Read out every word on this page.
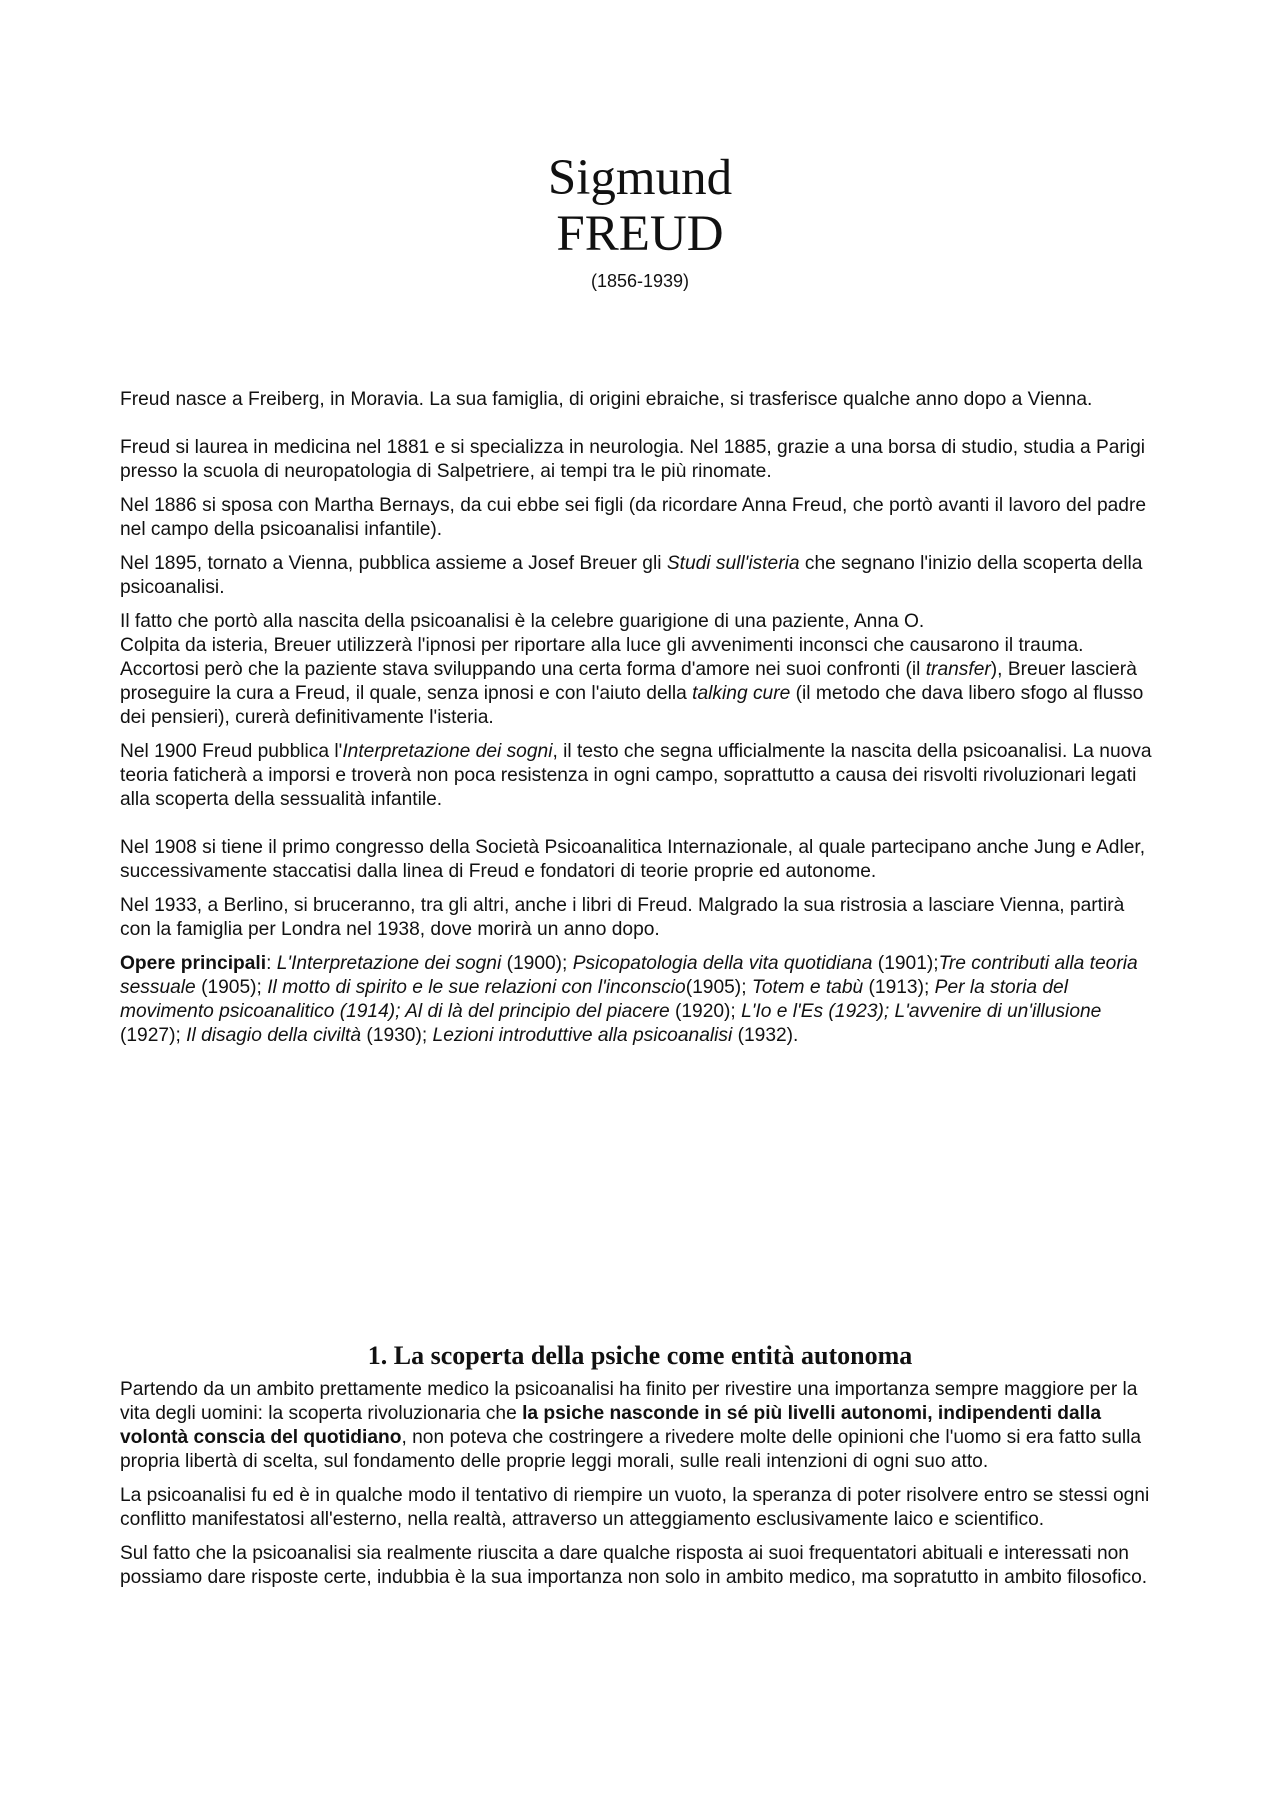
Sigmund
FREUD
(1856-1939)

Freud nasce a Freiberg, in Moravia. La sua famiglia, di origini ebraiche, si trasferisce qualche anno dopo a Vienna.

Freud si laurea in medicina nel 1881 e si specializza in neurologia. Nel 1885, grazie a una borsa di studio, studia a Parigi presso la scuola di neuropatologia di Salpetriere, ai tempi tra le più rinomate.

Nel 1886 si sposa con Martha Bernays, da cui ebbe sei figli (da ricordare Anna Freud, che portò avanti il lavoro del padre nel campo della psicoanalisi infantile).

Nel 1895, tornato a Vienna, pubblica assieme a Josef Breuer gli Studi sull'isteria che segnano l'inizio della scoperta della psicoanalisi.

Il fatto che portò alla nascita della psicoanalisi è la celebre guarigione di una paziente, Anna O.
Colpita da isteria, Breuer utilizzerà l'ipnosi per riportare alla luce gli avvenimenti inconsci che causarono il trauma. Accortosi però che la paziente stava sviluppando una certa forma d'amore nei suoi confronti (il transfer), Breuer lascierà proseguire la cura a Freud, il quale, senza ipnosi e con l'aiuto della talking cure (il metodo che dava libero sfogo al flusso dei pensieri), curerà definitivamente l'isteria.

Nel 1900 Freud pubblica l'Interpretazione dei sogni, il testo che segna ufficialmente la nascita della psicoanalisi. La nuova teoria faticherà a imporsi e troverà non poca resistenza in ogni campo, soprattutto a causa dei risvolti rivoluzionari legati alla scoperta della sessualità infantile.

Nel 1908 si tiene il primo congresso della Società Psicoanalitica Internazionale, al quale partecipano anche Jung e Adler, successivamente staccatisi dalla linea di Freud e fondatori di teorie proprie ed autonome.

Nel 1933, a Berlino, si bruceranno, tra gli altri, anche i libri di Freud. Malgrado la sua ristrosia a lasciare Vienna, partirà con la famiglia per Londra nel 1938, dove morirà un anno dopo.

Opere principali: L'Interpretazione dei sogni (1900); Psicopatologia della vita quotidiana (1901);Tre contributi alla teoria sessuale (1905); Il motto di spirito e le sue relazioni con l'inconscio(1905); Totem e tabù (1913); Per la storia del movimento psicoanalitico (1914); Al di là del principio del piacere (1920); L'Io e l'Es (1923); L'avvenire di un'illusione (1927); Il disagio della civiltà (1930); Lezioni introduttive alla psicoanalisi (1932).

1. La scoperta della psiche come entità autonoma

Partendo da un ambito prettamente medico la psicoanalisi ha finito per rivestire una importanza sempre maggiore per la vita degli uomini: la scoperta rivoluzionaria che la psiche nasconde in sé più livelli autonomi, indipendenti dalla volontà conscia del quotidiano, non poteva che costringere a rivedere molte delle opinioni che l'uomo si era fatto sulla propria libertà di scelta, sul fondamento delle proprie leggi morali, sulle reali intenzioni di ogni suo atto.

La psicoanalisi fu ed è in qualche modo il tentativo di riempire un vuoto, la speranza di poter risolvere entro se stessi ogni conflitto manifestatosi all'esterno, nella realtà, attraverso un atteggiamento esclusivamente laico e scientifico.

Sul fatto che la psicoanalisi sia realmente riuscita a dare qualche risposta ai suoi frequentatori abituali e interessati non possiamo dare risposte certe, indubbia è la sua importanza non solo in ambito medico, ma sopratutto in ambito filosofico.
